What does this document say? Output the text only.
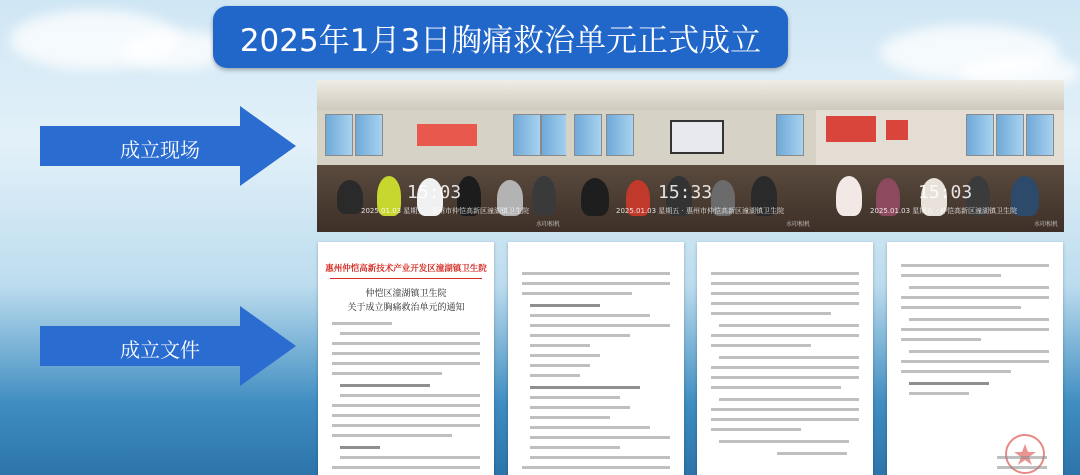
2025年1月3日胸痛救治单元正式成立
成立现场
成立文件
15:03
2025.01.03 星期五 · 惠州市仲恺高新区潼湖镇卫生院
水印相机
15:33
2025.01.03 星期五 · 惠州市仲恺高新区潼湖镇卫生院
水印相机
15:03
2025.01.03 星期五 · 仲恺高新区潼湖镇卫生院
水印相机
惠州仲恺高新技术产业开发区潼湖镇卫生院
仲恺区潼湖镇卫生院
关于成立胸痛救治单元的通知
